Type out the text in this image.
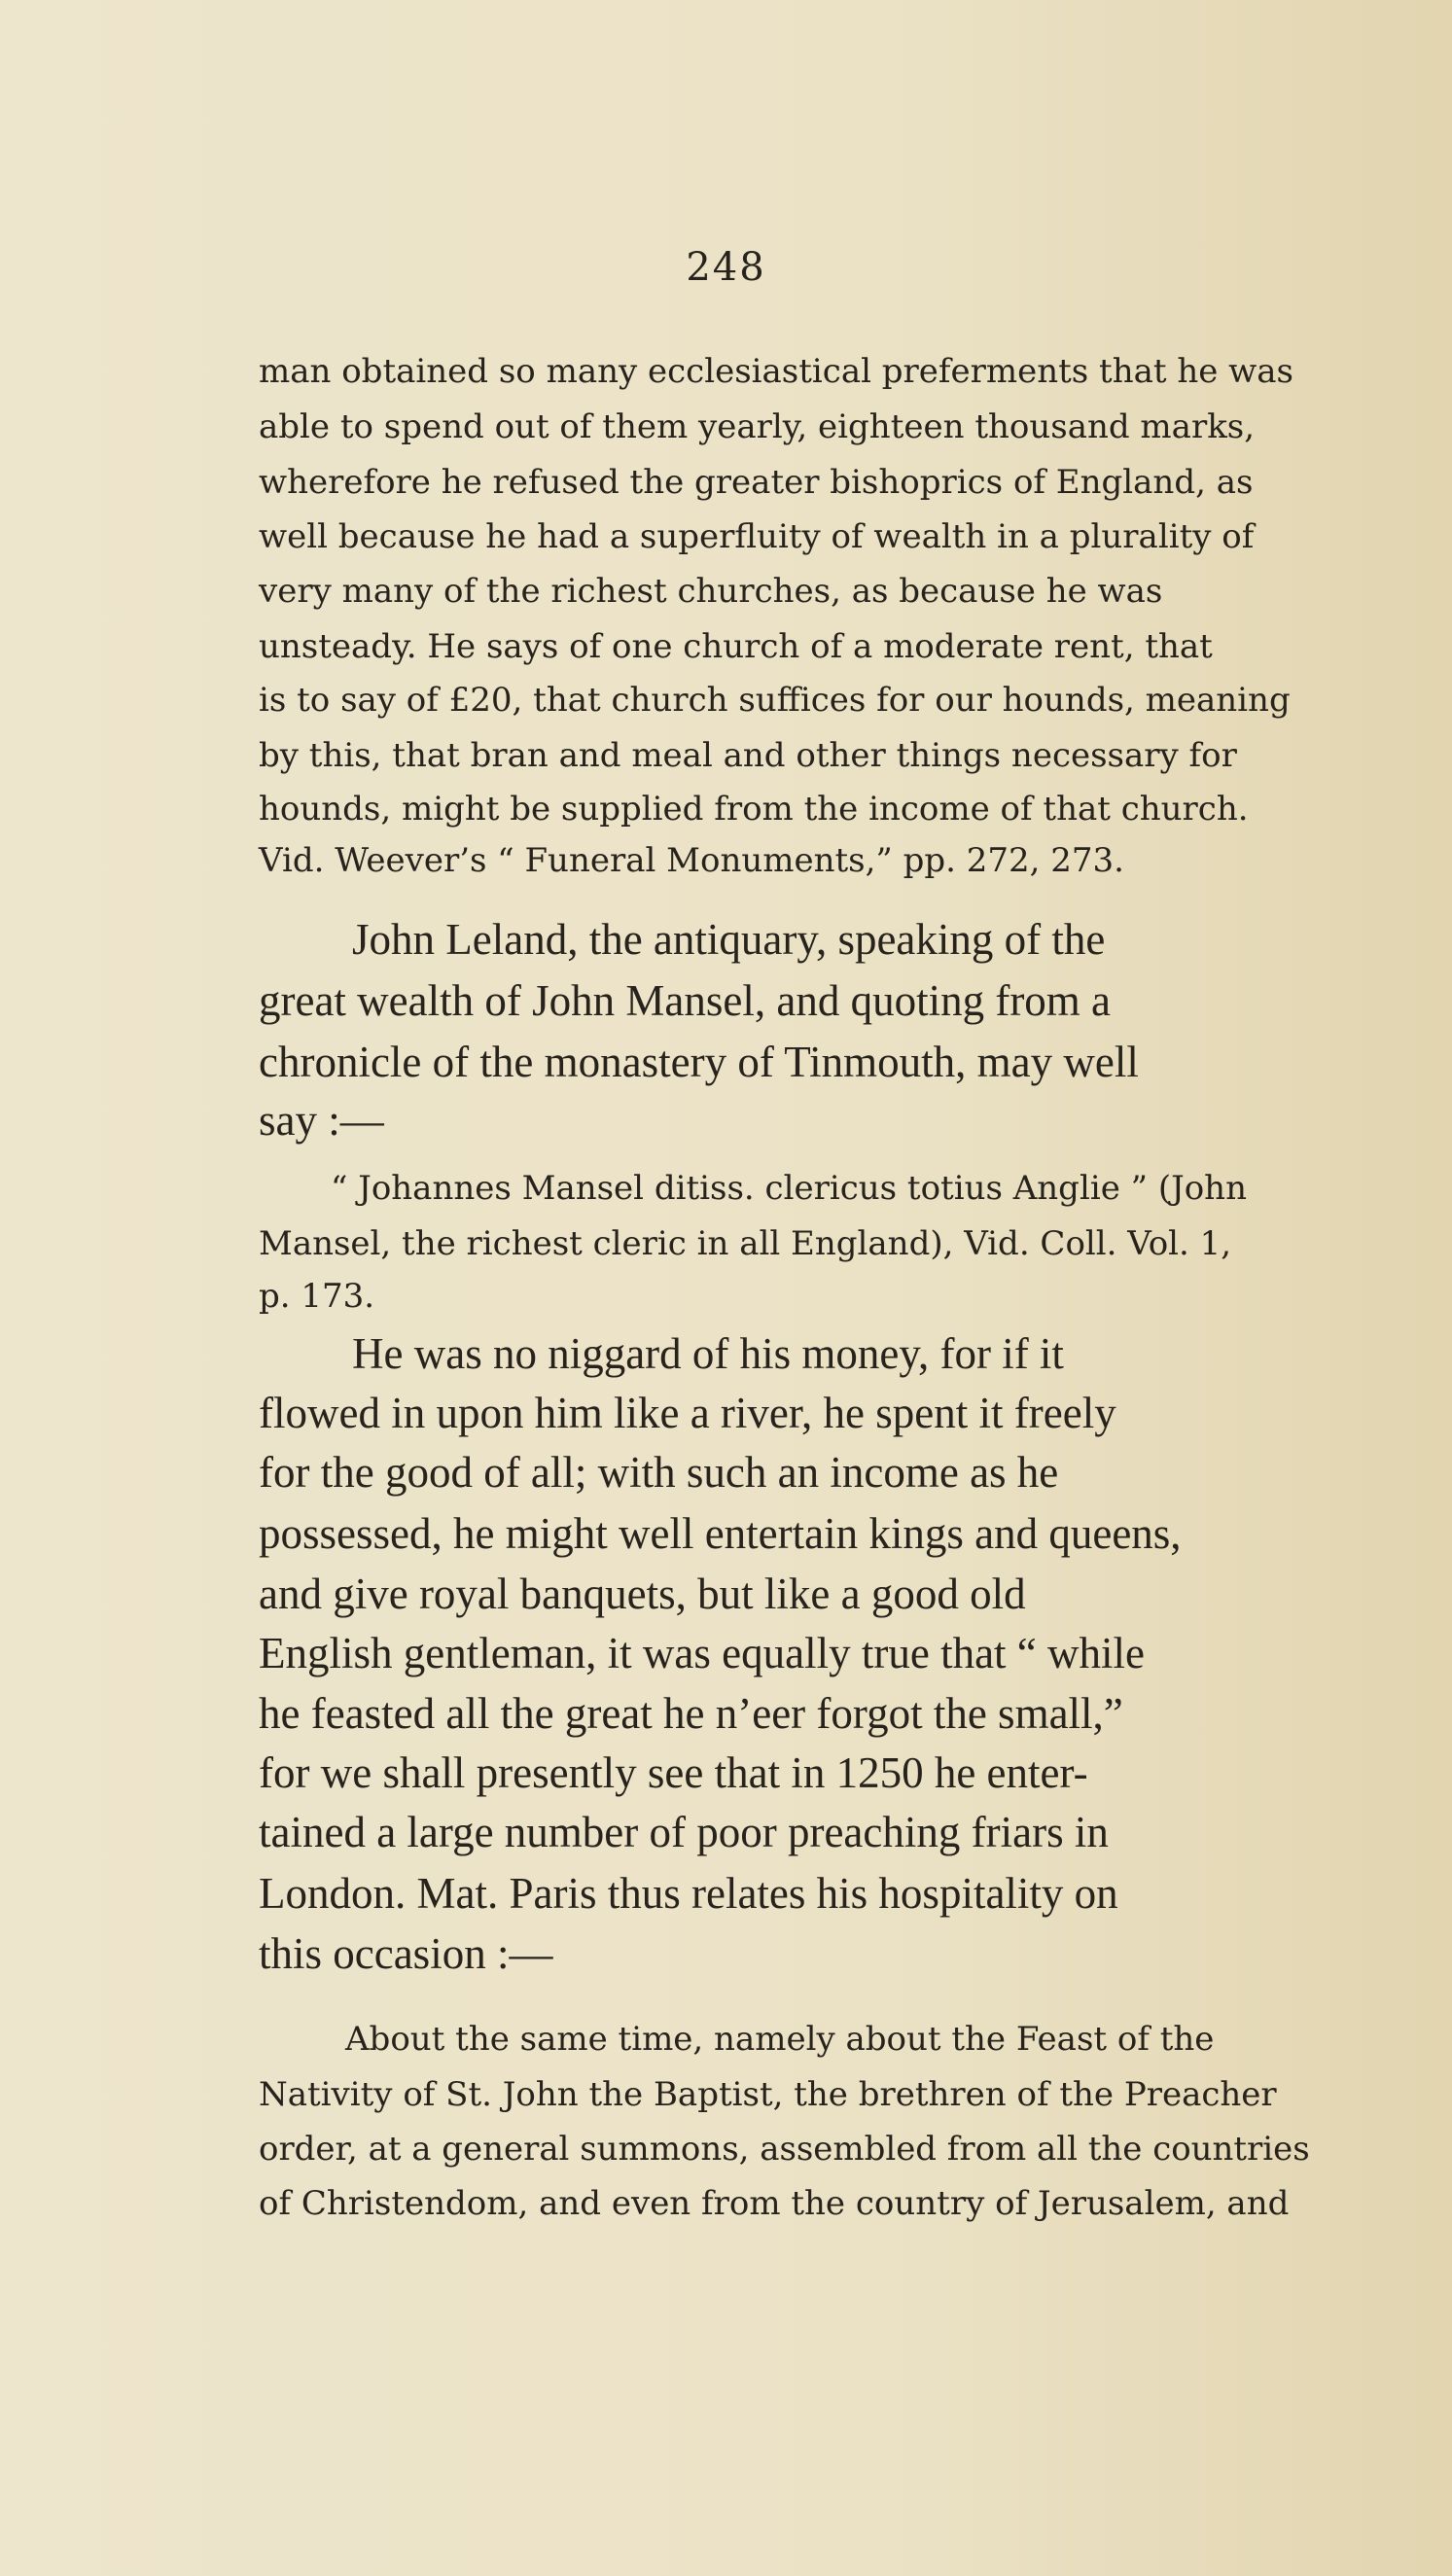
248
man obtained so many ecclesiastical preferments that he was
able to spend out of them yearly, eighteen thousand marks,
wherefore he refused the greater bishoprics of England, as
well because he had a superfluity of wealth in a plurality of
very many of the richest churches, as because he was
unsteady. He says of one church of a moderate rent, that
is to say of £20, that church suffices for our hounds, meaning
by this, that bran and meal and other things necessary for
hounds, might be supplied from the income of that church.
Vid. Weever’s “ Funeral Monuments,” pp. 272, 273.
John Leland, the antiquary, speaking of the
great wealth of John Mansel, and quoting from a
chronicle of the monastery of Tinmouth, may well
say :—
“ Johannes Mansel ditiss. clericus totius Anglie ” (John
Mansel, the richest cleric in all England), Vid. Coll. Vol. 1,
p. 173.
He was no niggard of his money, for if it
flowed in upon him like a river, he spent it freely
for the good of all; with such an income as he
possessed, he might well entertain kings and queens,
and give royal banquets, but like a good old
English gentleman, it was equally true that “ while
he feasted all the great he n’eer forgot the small,”
for we shall presently see that in 1250 he enter-
tained a large number of poor preaching friars in
London. Mat. Paris thus relates his hospitality on
this occasion :—
About the same time, namely about the Feast of the
Nativity of St. John the Baptist, the brethren of the Preacher
order, at a general summons, assembled from all the countries
of Christendom, and even from the country of Jerusalem, and
